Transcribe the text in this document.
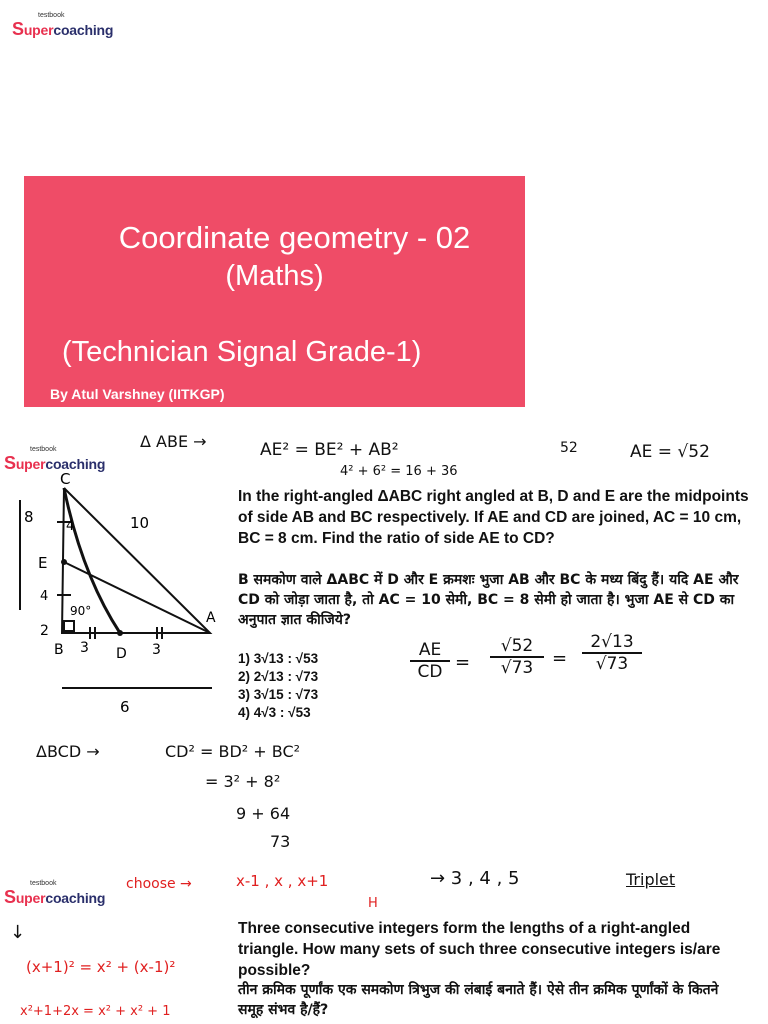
testbook
Supercoaching
Coordinate geometry - 02
(Maths)
(Technician Signal Grade-1)
By Atul Varshney (IITKGP)
testbook
Supercoaching
C
E
B	D
A
90°
8
4
4
10
3	3
6
2
Δ ABE →	AE² = BE² + AB²
4² + 6² = 16 + 36
52	AE = √52
In the right-angled ΔABC right angled at B, D and E are the midpoints of side AB and BC respectively. If AE and CD are joined, AC = 10 cm, BC = 8 cm. Find the ratio of side AE to CD?
B समकोण वाले ΔABC में D और E क्रमशः भुजा AB और BC के मध्य बिंदु हैं। यदि AE और CD को जोड़ा जाता है, तो AC = 10 सेमी, BC = 8 सेमी हो जाता है। भुजा AE से CD का अनुपात ज्ञात कीजिये?
1) 3√13 : √53
2) 2√13 : √73
3) 3√15 : √73
4) 4√3 : √53
AE
CD =
√52
√73	=
2√13
√73
ΔBCD →	CD² = BD² + BC²
= 3² + 8²
9 + 64
73
testbook
Supercoaching
choose →	x-1 , x , x+1
H
→ 3 , 4 , 5	Triplet
↓
(x+1)² = x² + (x-1)²
x²+1+2x = x² + x² + 1
Three consecutive integers form the lengths of a right-angled triangle. How many sets of such three consecutive integers is/are possible?
तीन क्रमिक पूर्णांक एक समकोण त्रिभुज की लंबाई बनाते हैं। ऐसे तीन क्रमिक पूर्णांकों के कितने समूह संभव है/हैं?
